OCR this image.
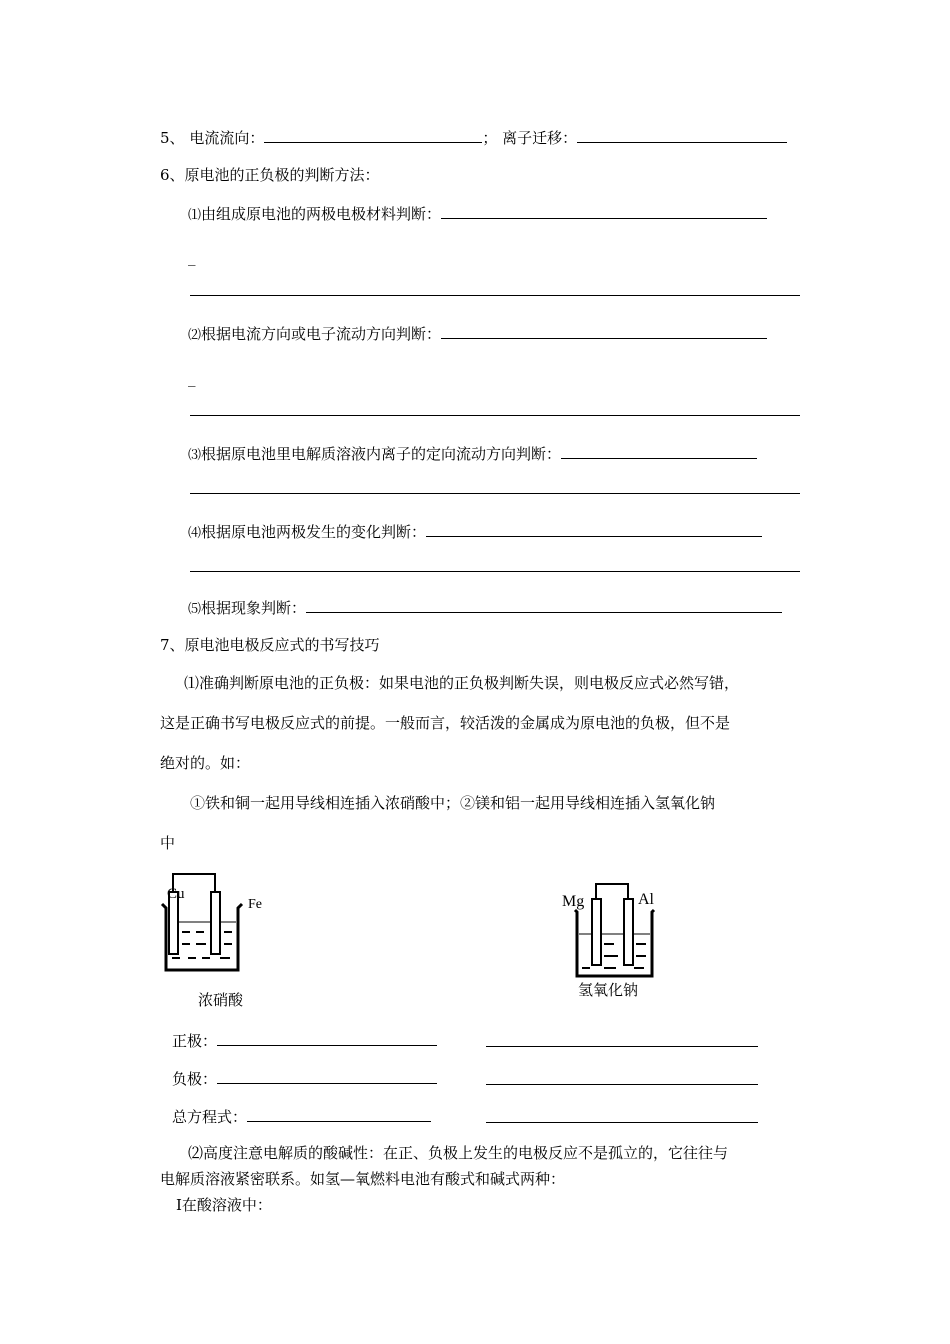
5、 电流流向：	； 离子迁移：
6、原电池的正负极的判断方法：
⑴由组成原电池的两极电极材料判断：
_
⑵根据电流方向或电子流动方向判断：
_
⑶根据原电池里电解质溶液内离子的定向流动方向判断：
⑷根据原电池两极发生的变化判断：
⑸根据现象判断：
7、原电池电极反应式的书写技巧
⑴准确判断原电池的正负极：如果电池的正负极判断失误，则电极反应式必然写错，
这是正确书写电极反应式的前提。一般而言，较活泼的金属成为原电池的负极，但不是
绝对的。如：
①铁和铜一起用导线相连插入浓硝酸中；②镁和铝一起用导线相连插入氢氧化钠
中
Cu
Fe
浓硝酸
Mg	Al
氢氧化钠
正极：
负极：
总方程式：
⑵高度注意电解质的酸碱性：在正、负极上发生的电极反应不是孤立的，它往往与
电解质溶液紧密联系。如氢—氧燃料电池有酸式和碱式两种：
Ⅰ在酸溶液中：
